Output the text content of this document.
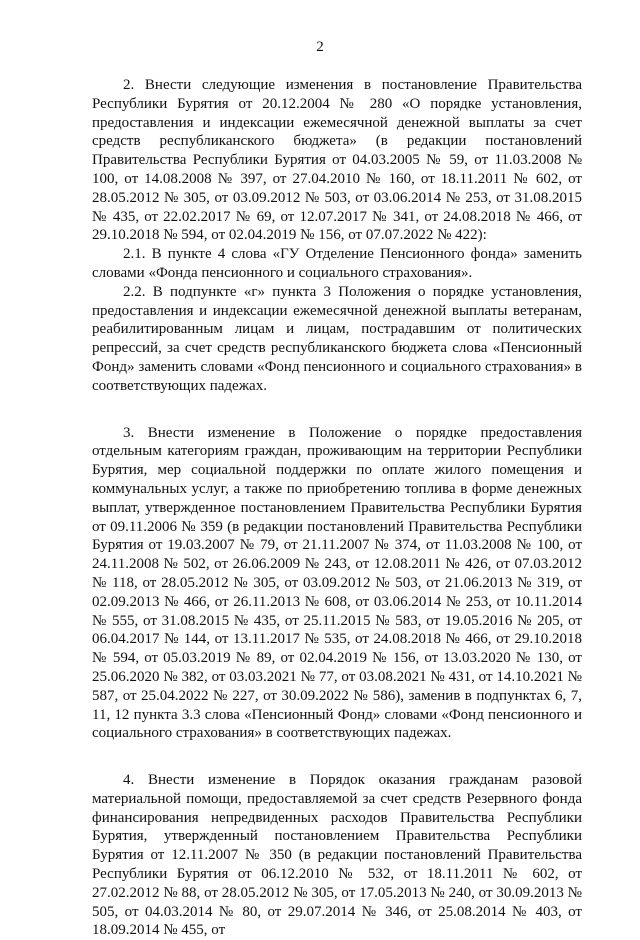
2

2. Внести следующие изменения в постановление Правительства Республики Бурятия от 20.12.2004 № 280 «О порядке установления, предоставления и индексации ежемесячной денежной выплаты за счет средств республиканского бюджета» (в редакции постановлений Правительства Республики Бурятия от 04.03.2005 № 59, от 11.03.2008 № 100, от 14.08.2008 № 397, от 27.04.2010 № 160, от 18.11.2011 № 602, от 28.05.2012 № 305, от 03.09.2012 № 503, от 03.06.2014 № 253, от 31.08.2015 № 435, от 22.02.2017 № 69, от 12.07.2017 № 341, от 24.08.2018 № 466, от 29.10.2018 № 594, от 02.04.2019 № 156, от 07.07.2022 № 422):

2.1. В пункте 4 слова «ГУ Отделение Пенсионного фонда» заменить словами «Фонда пенсионного и социального страхования».

2.2. В подпункте «г» пункта 3 Положения о порядке установления, предоставления и индексации ежемесячной денежной выплаты ветеранам, реабилитированным лицам и лицам, пострадавшим от политических репрессий, за счет средств республиканского бюджета слова «Пенсионный Фонд» заменить словами «Фонд пенсионного и социального страхования» в соответствующих падежах.

3. Внести изменение в Положение о порядке предоставления отдельным категориям граждан, проживающим на территории Республики Бурятия, мер социальной поддержки по оплате жилого помещения и коммунальных услуг, а также по приобретению топлива в форме денежных выплат, утвержденное постановлением Правительства Республики Бурятия от 09.11.2006 № 359 (в редакции постановлений Правительства Республики Бурятия от 19.03.2007 № 79, от 21.11.2007 № 374, от 11.03.2008 № 100, от 24.11.2008 № 502, от 26.06.2009 № 243, от 12.08.2011 № 426, от 07.03.2012 № 118, от 28.05.2012 № 305, от 03.09.2012 № 503, от 21.06.2013 № 319, от 02.09.2013 № 466, от 26.11.2013 № 608, от 03.06.2014 № 253, от 10.11.2014 № 555, от 31.08.2015 № 435, от 25.11.2015 № 583, от 19.05.2016 № 205, от 06.04.2017 № 144, от 13.11.2017 № 535, от 24.08.2018 № 466, от 29.10.2018 № 594, от 05.03.2019 № 89, от 02.04.2019 № 156, от 13.03.2020 № 130, от 25.06.2020 № 382, от 03.03.2021 № 77, от 03.08.2021 № 431, от 14.10.2021 № 587, от 25.04.2022 № 227, от 30.09.2022 № 586), заменив в подпунктах 6, 7, 11, 12 пункта 3.3 слова «Пенсионный Фонд» словами «Фонд пенсионного и социального страхования» в соответствующих падежах.

4. Внести изменение в Порядок оказания гражданам разовой материальной помощи, предоставляемой за счет средств Резервного фонда финансирования непредвиденных расходов Правительства Республики Бурятия, утвержденный постановлением Правительства Республики Бурятия от 12.11.2007 № 350 (в редакции постановлений Правительства Республики Бурятия от 06.12.2010 № 532, от 18.11.2011 № 602, от 27.02.2012 № 88, от 28.05.2012 № 305, от 17.05.2013 № 240, от 30.09.2013 № 505, от 04.03.2014 № 80, от 29.07.2014 № 346, от 25.08.2014 № 403, от 18.09.2014 № 455, от
